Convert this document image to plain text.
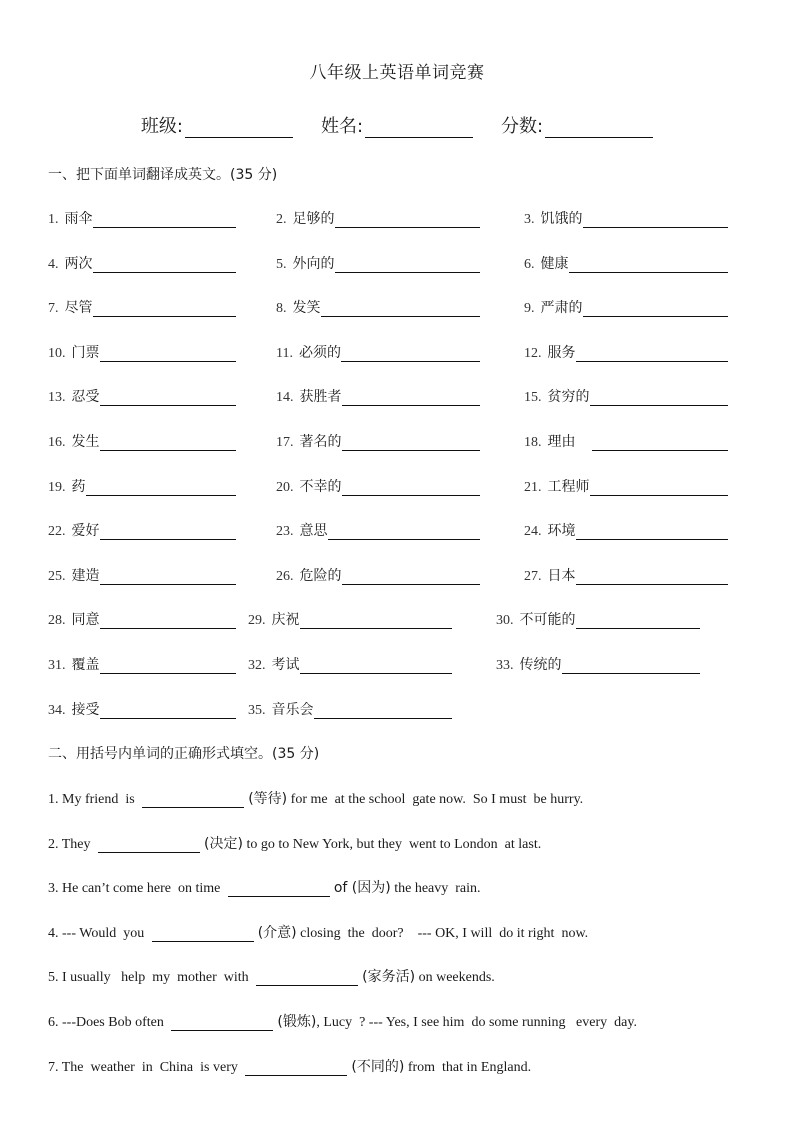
八年级上英语单词竞赛
班级:	姓名:	分数:
一、把下面单词翻译成英文。(35 分)
1. 雨伞	2. 足够的	3. 饥饿的
4. 两次	5. 外向的	6. 健康
7. 尽管	8. 发笑	9. 严肃的
10. 门票	11. 必须的	12. 服务
13. 忍受	14. 获胜者	15. 贫穷的
16. 发生	17. 著名的	18. 理由
19. 药	20. 不幸的	21. 工程师
22. 爱好	23. 意思	24. 环境
25. 建造	26. 危险的	27. 日本
28. 同意	29. 庆祝	30. 不可能的
31. 覆盖	32. 考试	33. 传统的
34. 接受	35. 音乐会
二、用括号内单词的正确形式填空。(35 分)
1. My friend  is	(等待) for me  at the school  gate now.  So I must  be hurry.
2. They	(决定) to go to New York, but they  went to London  at last.
3. He can’t come here  on time	of (因为) the heavy  rain.
4. --- Would  you	(介意) closing  the  door?    --- OK, I will  do it right  now.
5. I usually   help  my  mother  with	(家务活) on weekends.
6. ---Does Bob often	(锻炼) , Lucy  ? --- Yes, I see him  do some running   every  day.
7. The  weather  in  China  is very	(不同的) from  that in England.
